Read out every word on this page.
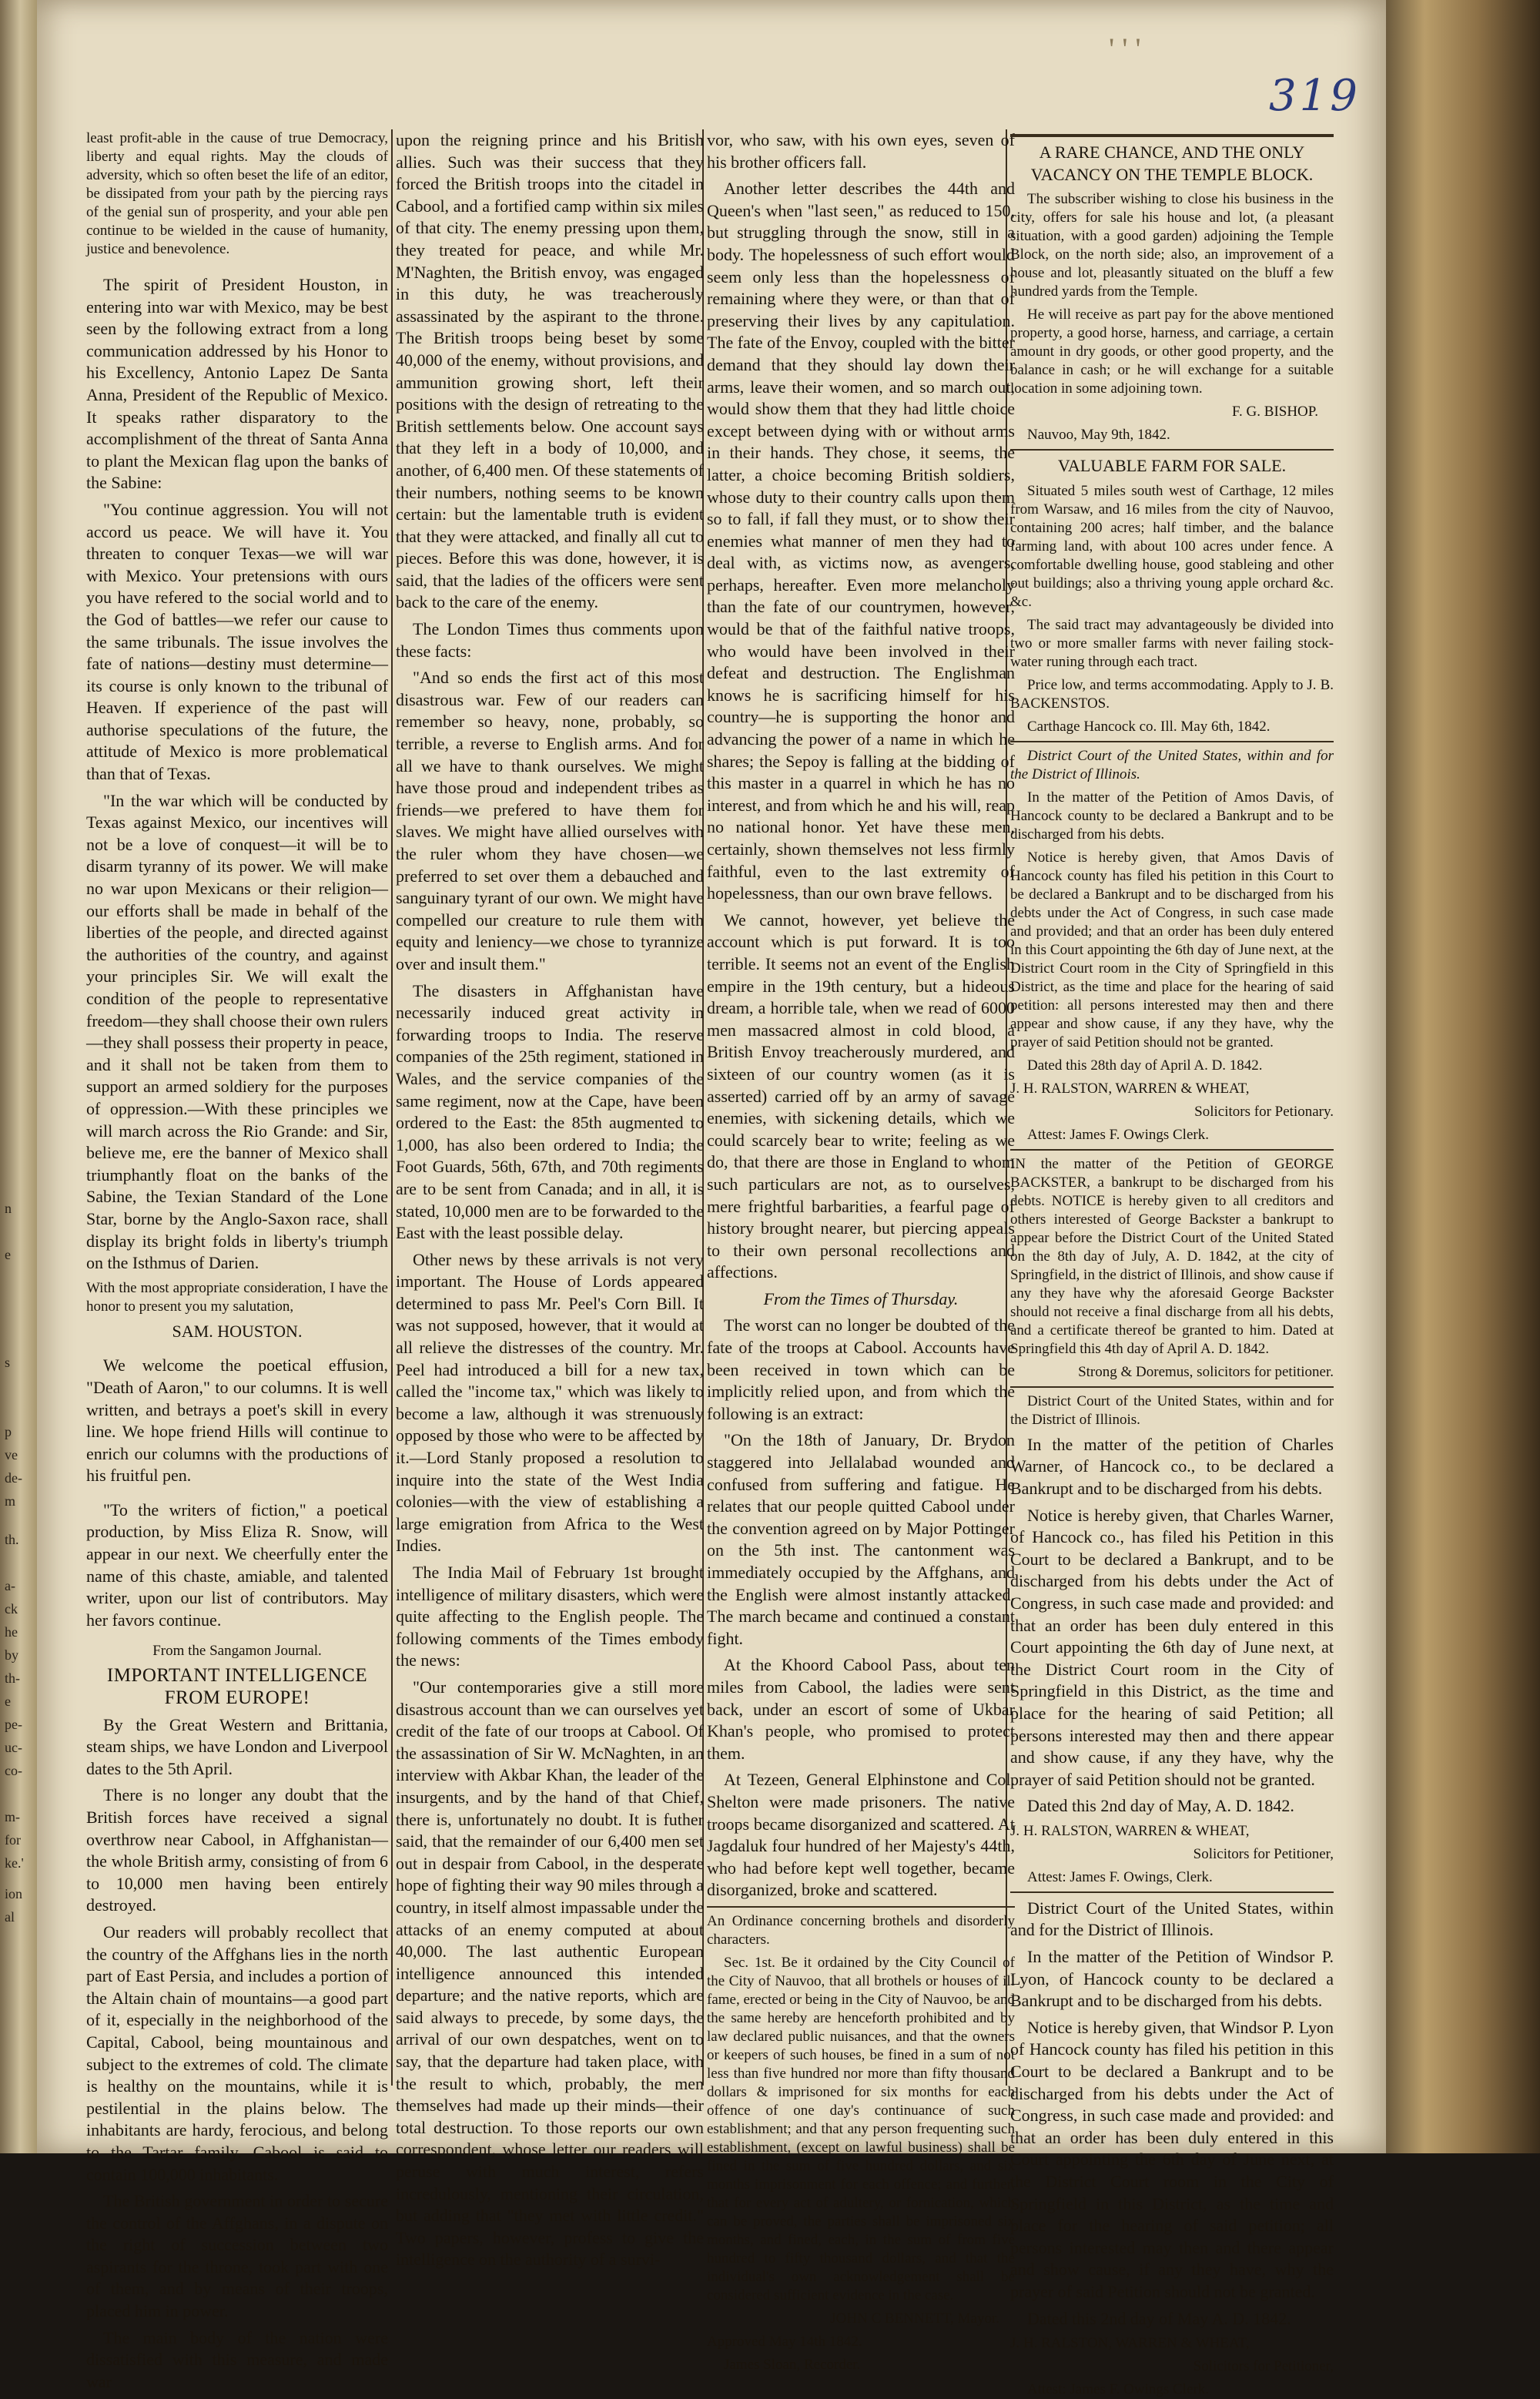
n
e
s
p
ve
de-
m
th.
a-
ck
he
by
th-
e
pe-
uc-
co-
m-
for
ke.'
ion
al
' ' '
319

least profit-able in the cause of true Democracy, liberty and equal rights. May the clouds of adversity, which so often beset the life of an editor, be dissipated from your path by the piercing rays of the genial sun of prosperity, and your able pen continue to be wielded in the cause of humanity, justice and benevolence.

The spirit of President Houston, in entering into war with Mexico, may be best seen by the following extract from a long communication addressed by his Honor to his Excellency, Antonio Lapez De Santa Anna, President of the Republic of Mexico. It speaks rather disparatory to the accomplishment of the threat of Santa Anna to plant the Mexican flag upon the banks of the Sabine:

"You continue aggression. You will not accord us peace. We will have it. You threaten to conquer Texas—we will war with Mexico. Your pretensions with ours you have refered to the social world and to the God of battles—we refer our cause to the same tribunals. The issue involves the fate of nations—destiny must determine—its course is only known to the tribunal of Heaven. If experience of the past will authorise speculations of the future, the attitude of Mexico is more problematical than that of Texas.

"In the war which will be conducted by Texas against Mexico, our incentives will not be a love of conquest—it will be to disarm tyranny of its power. We will make no war upon Mexicans or their religion—our efforts shall be made in behalf of the liberties of the people, and directed against the authorities of the country, and against your principles Sir. We will exalt the condition of the people to representative freedom—they shall choose their own rulers—they shall possess their property in peace, and it shall not be taken from them to support an armed soldiery for the purposes of oppression.—With these principles we will march across the Rio Grande: and Sir, believe me, ere the banner of Mexico shall triumphantly float on the banks of the Sabine, the Texian Standard of the Lone Star, borne by the Anglo-Saxon race, shall display its bright folds in liberty's triumph on the Isthmus of Darien.

With the most appropriate consideration, I have the honor to present you my salutation,

SAM. HOUSTON.

We welcome the poetical effusion, "Death of Aaron," to our columns. It is well written, and betrays a poet's skill in every line. We hope friend Hills will continue to enrich our columns with the productions of his fruitful pen.

"To the writers of fiction," a poetical production, by Miss Eliza R. Snow, will appear in our next. We cheerfully enter the name of this chaste, amiable, and talented writer, upon our list of contributors. May her favors continue.

From the Sangamon Journal.

IMPORTANT INTELLIGENCE

FROM EUROPE!

By the Great Western and Brittania, steam ships, we have London and Liverpool dates to the 5th April.

There is no longer any doubt that the British forces have received a signal overthrow near Cabool, in Affghanistan—the whole British army, consisting of from 6 to 10,000 men having been entirely destroyed.

Our readers will probably recollect that the country of the Affghans lies in the north part of East Persia, and includes a portion of the Altain chain of mountains—a good part of it, especially in the neighborhood of the Capital, Cabool, being mountainous and subject to the extremes of cold. The climate is healthy on the mountains, while it is pestilential in the plains below. The inhabitants are hardy, ferocious, and belong to the Tartar family. Cabool is said to contain 100,000 inhabitants.

The British government in order to secure the control of the Affghans, in a dispute on the right of succession between two aspirants for the throne, took part with one of them, and by means of their troops, placed him in power.

The main body of the nation were dissatisfied with this measure, and made war

upon the reigning prince and his British allies. Such was their success that they forced the British troops into the citadel in Cabool, and a fortified camp within six miles of that city. The enemy pressing upon them, they treated for peace, and while Mr. M'Naghten, the British envoy, was engaged in this duty, he was treacherously assassinated by the aspirant to the throne. The British troops being beset by some 40,000 of the enemy, without provisions, and ammunition growing short, left their positions with the design of retreating to the British settlements below. One account says that they left in a body of 10,000, and another, of 6,400 men. Of these statements of their numbers, nothing seems to be known certain: but the lamentable truth is evident that they were attacked, and finally all cut to pieces. Before this was done, however, it is said, that the ladies of the officers were sent back to the care of the enemy.

The London Times thus comments upon these facts:

"And so ends the first act of this most disastrous war. Few of our readers can remember so heavy, none, probably, so terrible, a reverse to English arms. And for all we have to thank ourselves. We might have those proud and independent tribes as friends—we prefered to have them for slaves. We might have allied ourselves with the ruler whom they have chosen—we preferred to set over them a debauched and sanguinary tyrant of our own. We might have compelled our creature to rule them with equity and leniency—we chose to tyrannize over and insult them."

The disasters in Affghanistan have necessarily induced great activity in forwarding troops to India. The reserve companies of the 25th regiment, stationed in Wales, and the service companies of the same regiment, now at the Cape, have been ordered to the East: the 85th augmented to 1,000, has also been ordered to India; the Foot Guards, 56th, 67th, and 70th regiments are to be sent from Canada; and in all, it is stated, 10,000 men are to be forwarded to the East with the least possible delay.

Other news by these arrivals is not very important. The House of Lords appeared determined to pass Mr. Peel's Corn Bill. It was not supposed, however, that it would at all relieve the distresses of the country. Mr. Peel had introduced a bill for a new tax, called the "income tax," which was likely to become a law, although it was strenuously opposed by those who were to be affected by it.—Lord Stanly proposed a resolution to inquire into the state of the West India colonies—with the view of establishing a large emigration from Africa to the West Indies.

The India Mail of February 1st brought intelligence of military disasters, which were quite affecting to the English people. The following comments of the Times embody the news:

"Our contemporaries give a still more disastrous account than we can ourselves yet credit of the fate of our troops at Cabool. Of the assassination of Sir W. McNaghten, in an interview with Akbar Khan, the leader of the insurgents, and by the hand of that Chief, there is, unfortunately no doubt. It is futher said, that the remainder of our 6,400 men set out in despair from Cabool, in the desperate hope of fighting their way 90 miles through a country, in itself almost impassable under the attacks of an enemy computed at about 40,000. The last authentic European intelligence announced this intended departure; and the native reports, which are said always to precede, by some days, the arrival of our own despatches, went on to say, that the departure had taken place, with the result to which, probably, the men themselves had made up their minds—their total destruction. To those reports our own correspondent, whose letter our readers will peruse with much interest, refers incredulously, mentioning their circulation, but adding that "they met with little credit." Two papers, however, profess to give the intelligence on the authority of a survi-

vor, who saw, with his own eyes, seven of his brother officers fall.

Another letter describes the 44th and Queen's when "last seen," as reduced to 150, but struggling through the snow, still in a body. The hopelessness of such effort would seem only less than the hopelessness of remaining where they were, or than that of preserving their lives by any capitulation. The fate of the Envoy, coupled with the bitter demand that they should lay down their arms, leave their women, and so march out, would show them that they had little choice except between dying with or without arms in their hands. They chose, it seems, the latter, a choice becoming British soldiers, whose duty to their country calls upon them so to fall, if fall they must, or to show their enemies what manner of men they had to deal with, as victims now, as avengers, perhaps, hereafter. Even more melancholy than the fate of our countrymen, however, would be that of the faithful native troops, who would have been involved in their defeat and destruction. The Englishman knows he is sacrificing himself for his country—he is supporting the honor and advancing the power of a name in which he shares; the Sepoy is falling at the bidding of this master in a quarrel in which he has no interest, and from which he and his will, reap no national honor. Yet have these men, certainly, shown themselves not less firmly faithful, even to the last extremity of hopelessness, than our own brave fellows.

We cannot, however, yet believe the account which is put forward. It is too terrible. It seems not an event of the English empire in the 19th century, but a hideous dream, a horrible tale, when we read of 6000 men massacred almost in cold blood, a British Envoy treacherously murdered, and sixteen of our country women (as it is asserted) carried off by an army of savage enemies, with sickening details, which we could scarcely bear to write; feeling as we do, that there are those in England to whom such particulars are not, as to ourselves, mere frightful barbarities, a fearful page of history brought nearer, but piercing appeals to their own personal recollections and affections.

From the Times of Thursday.

The worst can no longer be doubted of the fate of the troops at Cabool. Accounts have been received in town which can be implicitly relied upon, and from which the following is an extract:

"On the 18th of January, Dr. Brydon staggered into Jellalabad wounded and confused from suffering and fatigue. He relates that our people quitted Cabool under the convention agreed on by Major Pottinger on the 5th inst. The cantonment was immediately occupied by the Affghans, and the English were almost instantly attacked. The march became and continued a constant fight.

At the Khoord Cabool Pass, about ten miles from Cabool, the ladies were sent back, under an escort of some of Ukbar Khan's people, who promised to protect them.

At Tezeen, General Elphinstone and Col. Shelton were made prisoners. The native troops became disorganized and scattered. At Jagdaluk four hundred of her Majesty's 44th, who had before kept well together, became disorganized, broke and scattered.

An Ordinance concerning brothels and disorderly characters.

Sec. 1st. Be it ordained by the City Council of the City of Nauvoo, that all brothels or houses of ill fame, erected or being in the City of Nauvoo, be and the same hereby are henceforth prohibited and by law declared public nuisances, and that the owners or keepers of such houses, be fined in a sum of not less than five hundred nor more than fifty thousand dollars & imprisoned for six months for each offence of one day's continuance of such establishment; and that any person frequenting such establishment, (except on lawful business) shall be fined in the sum of five hundred dollars, and six months imprisonment for each offence; and further, that for every act of adultery, or fornication, which can be proved, the parties shall be imprisoned six months, and fined, each, in the sum of from five hundred to fifty thousand dollars, and that the individual's own acknowledgement shall be considered sufficient evidence in the case.

JOHN C BENNETT, Mayor.

Approved May 14th 1842.

James Sloan, Recorder.

A RARE CHANCE, AND THE ONLY VACANCY ON THE TEMPLE BLOCK.

The subscriber wishing to close his business in the city, offers for sale his house and lot, (a pleasant situation, with a good garden) adjoining the Temple Block, on the north side; also, an improvement of a house and lot, pleasantly situated on the bluff a few hundred yards from the Temple.

He will receive as part pay for the above mentioned property, a good horse, harness, and carriage, a certain amount in dry goods, or other good property, and the balance in cash; or he will exchange for a suitable location in some adjoining town.

F. G. BISHOP.

Nauvoo, May 9th, 1842.

VALUABLE FARM FOR SALE.

Situated 5 miles south west of Carthage, 12 miles from Warsaw, and 16 miles from the city of Nauvoo, containing 200 acres; half timber, and the balance farming land, with about 100 acres under fence. A comfortable dwelling house, good stableing and other out buildings; also a thriving young apple orchard &c. &c.

The said tract may advantageously be divided into two or more smaller farms with never failing stock-water runing through each tract.

Price low, and terms accommodating. Apply to J. B. BACKENSTOS.

Carthage Hancock co. Ill. May 6th, 1842.

District Court of the United States, within and for the District of Illinois.

In the matter of the Petition of Amos Davis, of Hancock county to be declared a Bankrupt and to be discharged from his debts.

Notice is hereby given, that Amos Davis of Hancock county has filed his petition in this Court to be declared a Bankrupt and to be discharged from his debts under the Act of Congress, in such case made and provided; and that an order has been duly entered in this Court appointing the 6th day of June next, at the District Court room in the City of Springfield in this District, as the time and place for the hearing of said petition: all persons interested may then and there appear and show cause, if any they have, why the prayer of said Petition should not be granted.

Dated this 28th day of April A. D. 1842.

J. H. RALSTON, WARREN & WHEAT,

Solicitors for Petionary.

Attest: James F. Owings Clerk.

IN the matter of the Petition of GEORGE BACKSTER, a bankrupt to be discharged from his debts. NOTICE is hereby given to all creditors and others interested of George Backster a bankrupt to appear before the District Court of the United Stated on the 8th day of July, A. D. 1842, at the city of Springfield, in the district of Illinois, and show cause if any they have why the aforesaid George Backster should not receive a final discharge from all his debts, and a certificate thereof be granted to him. Dated at Springfield this 4th day of April A. D. 1842.

Strong & Doremus, solicitors for petitioner.

District Court of the United States, within and for the District of Illinois.

In the matter of the petition of Charles Warner, of Hancock co., to be declared a Bankrupt and to be discharged from his debts.

Notice is hereby given, that Charles Warner, of Hancock co., has filed his Petition in this Court to be declared a Bankrupt, and to be discharged from his debts under the Act of Congress, in such case made and provided: and that an order has been duly entered in this Court appointing the 6th day of June next, at the District Court room in the City of Springfield in this District, as the time and place for the hearing of said Petition; all persons interested may then and there appear and show cause, if any they have, why the prayer of said Petition should not be granted.

Dated this 2nd day of May, A. D. 1842.

J. H. RALSTON, WARREN & WHEAT,

Solicitors for Petitioner,

Attest: James F. Owings, Clerk.

District Court of the United States, within and for the District of Illinois.

In the matter of the Petition of Windsor P. Lyon, of Hancock county to be declared a Bankrupt and to be discharged from his debts.

Notice is hereby given, that Windsor P. Lyon of Hancock county has filed his petition in this Court to be declared a Bankrupt and to be discharged from his debts under the Act of Congress, in such case made and provided: and that an order has been duly entered in this Court appointing the 6th day of June next, at the District Court room in the City of Springfield in this District, as the time and place for the hearing of said petition; all persons interested may then and there appear and show cause, if any they have, why the prayer of said Petition should not be granted.

Dated this 2nd day of May A. D. 1842.

J. H. RALSTON, WARREN & WHEAT,

Solicitors for Petitioner,

Attest: James F. Owings Clerk.
